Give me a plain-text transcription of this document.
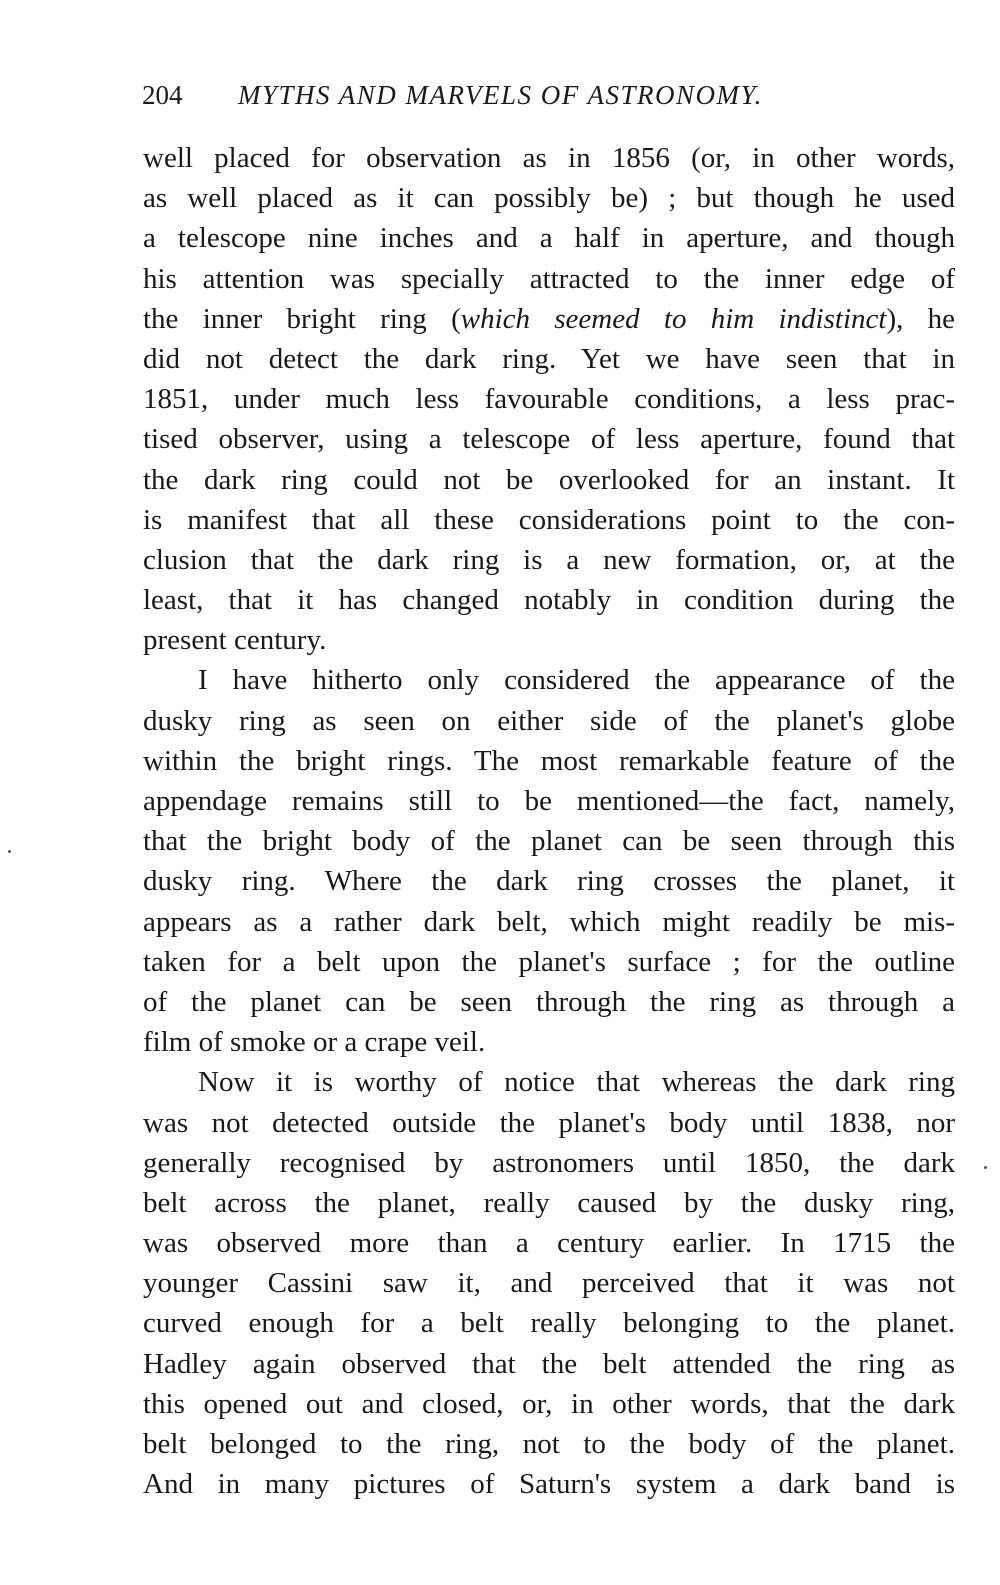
204 MYTHS AND MARVELS OF ASTRONOMY.
well placed for observation as in 1856 (or, in other words,
as well placed as it can possibly be) ; but though he used
a telescope nine inches and a half in aperture, and though
his attention was specially attracted to the inner edge of
the inner bright ring (which seemed to him indistinct), he
did not detect the dark ring. Yet we have seen that in
1851, under much less favourable conditions, a less prac-
tised observer, using a telescope of less aperture, found that
the dark ring could not be overlooked for an instant. It
is manifest that all these considerations point to the con-
clusion that the dark ring is a new formation, or, at the
least, that it has changed notably in condition during the
present century.
I have hitherto only considered the appearance of the
dusky ring as seen on either side of the planet's globe
within the bright rings. The most remarkable feature of the
appendage remains still to be mentioned—the fact, namely,
that the bright body of the planet can be seen through this
dusky ring. Where the dark ring crosses the planet, it
appears as a rather dark belt, which might readily be mis-
taken for a belt upon the planet's surface ; for the outline
of the planet can be seen through the ring as through a
film of smoke or a crape veil.
Now it is worthy of notice that whereas the dark ring
was not detected outside the planet's body until 1838, nor
generally recognised by astronomers until 1850, the dark
belt across the planet, really caused by the dusky ring,
was observed more than a century earlier. In 1715 the
younger Cassini saw it, and perceived that it was not
curved enough for a belt really belonging to the planet.
Hadley again observed that the belt attended the ring as
this opened out and closed, or, in other words, that the dark
belt belonged to the ring, not to the body of the planet.
And in many pictures of Saturn's system a dark band is
